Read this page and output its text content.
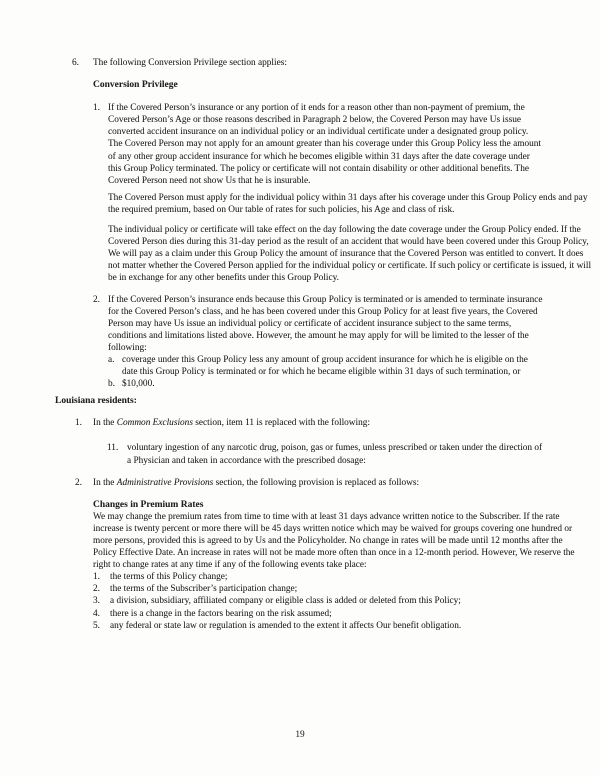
6. The following Conversion Privilege section applies:
Conversion Privilege
1. If the Covered Person’s insurance or any portion of it ends for a reason other than non-payment of premium, the Covered Person’s Age or those reasons described in Paragraph 2 below, the Covered Person may have Us issue converted accident insurance on an individual policy or an individual certificate under a designated group policy. The Covered Person may not apply for an amount greater than his coverage under this Group Policy less the amount of any other group accident insurance for which he becomes eligible within 31 days after the date coverage under this Group Policy terminated. The policy or certificate will not contain disability or other additional benefits. The Covered Person need not show Us that he is insurable.
The Covered Person must apply for the individual policy within 31 days after his coverage under this Group Policy ends and pay the required premium, based on Our table of rates for such policies, his Age and class of risk.
The individual policy or certificate will take effect on the day following the date coverage under the Group Policy ended. If the Covered Person dies during this 31-day period as the result of an accident that would have been covered under this Group Policy, We will pay as a claim under this Group Policy the amount of insurance that the Covered Person was entitled to convert. It does not matter whether the Covered Person applied for the individual policy or certificate. If such policy or certificate is issued, it will be in exchange for any other benefits under this Group Policy.
2. If the Covered Person’s insurance ends because this Group Policy is terminated or is amended to terminate insurance for the Covered Person’s class, and he has been covered under this Group Policy for at least five years, the Covered Person may have Us issue an individual policy or certificate of accident insurance subject to the same terms, conditions and limitations listed above. However, the amount he may apply for will be limited to the lesser of the following:
a. coverage under this Group Policy less any amount of group accident insurance for which he is eligible on the date this Group Policy is terminated or for which he became eligible within 31 days of such termination, or
b. $10,000.
Louisiana residents:
1. In the Common Exclusions section, item 11 is replaced with the following:
11. voluntary ingestion of any narcotic drug, poison, gas or fumes, unless prescribed or taken under the direction of a Physician and taken in accordance with the prescribed dosage:
2. In the Administrative Provisions section, the following provision is replaced as follows:
Changes in Premium Rates
We may change the premium rates from time to time with at least 31 days advance written notice to the Subscriber. If the rate increase is twenty percent or more there will be 45 days written notice which may be waived for groups covering one hundred or more persons, provided this is agreed to by Us and the Policyholder. No change in rates will be made until 12 months after the Policy Effective Date. An increase in rates will not be made more often than once in a 12-month period. However, We reserve the right to change rates at any time if any of the following events take place:
1. the terms of this Policy change;
2. the terms of the Subscriber’s participation change;
3. a division, subsidiary, affiliated company or eligible class is added or deleted from this Policy;
4. there is a change in the factors bearing on the risk assumed;
5. any federal or state law or regulation is amended to the extent it affects Our benefit obligation.
19
